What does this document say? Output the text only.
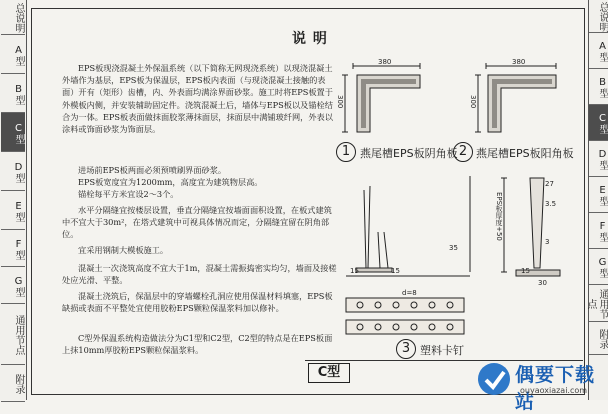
总说明
A型
B型
C型
D型
E型
F型
G型
通用节点
附录
总说明
A型
B型
C型
D型
E型
F型
G型
通用节点
附录
说 明
EPS板现浇混凝土外保温系统（以下简称无网现浇系统）以现浇混凝土外墙作为基层，EPS板为保温层，EPS板内表面（与现浇混凝土接触的表面）开有（矩形）齿槽，内、外表面均满涂界面砂浆。施工时将EPS板置于外模板内侧，并安装辅助固定件。浇筑混凝土后，墙体与EPS板以及锚栓结合为一体。EPS板表面做抹面胶浆薄抹面层，抹面层中满铺玻纤网，外表以涂料或饰面砂浆为饰面层。
进场前EPS板两面必须预喷刷界面砂浆。
EPS板宽度宜为1200mm，高度宜为建筑物层高。
锚栓每平方米宜设2～3个。
水平分隔缝宜按楼层设置，垂直分隔缝宜按墙面面积设置，在板式建筑中不宜大于30m²，在塔式建筑中可视具体情况而定，分隔缝宜留在阴角部位。
宜采用钢制大模板施工。
混凝土一次浇筑高度不宜大于1m，混凝土需振捣密实均匀，墙面及接槎处应光滑、平整。
混凝土浇筑后，保温层中的穿墙螺栓孔洞应使用保温材料填塞，EPS板缺损或表面不平整处宜使用胶粉EPS颗粒保温浆料加以修补。
C型外保温系统构造做法分为C1型和C2型，C2型的特点是在EPS板面上抹10mm厚胶粉EPS颗粒保温浆料。
380
300
1 燕尾槽EPS板阴角板
380
300
2 燕尾槽EPS板阳角板
35
15	15	15
30
d=8
27
3.5
3
EPS板厚度+50
3 塑料卡钉
C型	偶要下载站
ouyaoxiazai.com
